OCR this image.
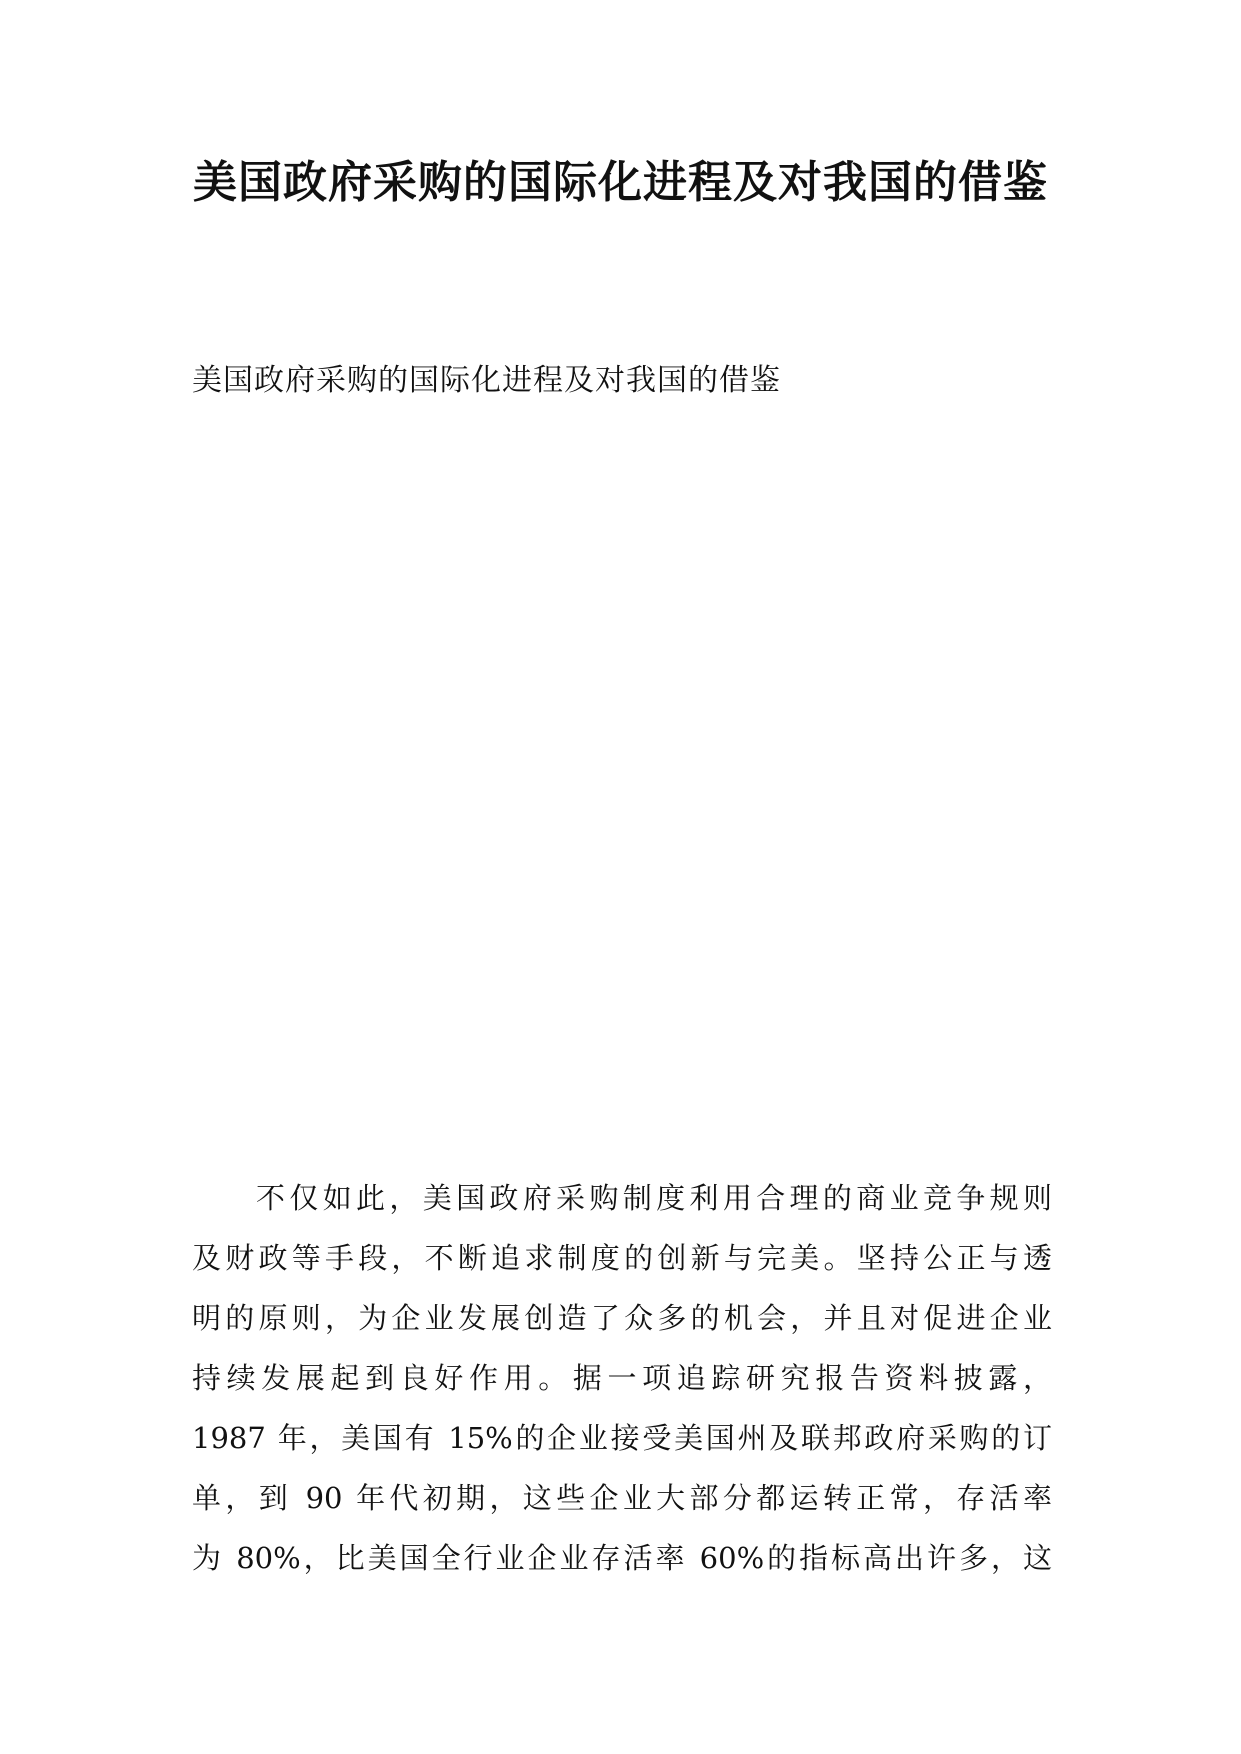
美国政府采购的国际化进程及对我国的借鉴

美国政府采购的国际化进程及对我国的借鉴

不仅如此，美国政府采购制度利用合理的商业竞争规则
及财政等手段，不断追求制度的创新与完美。坚持公正与透
明的原则，为企业发展创造了众多的机会，并且对促进企业
持续发展起到良好作用。据一项追踪研究报告资料披露，
1987 年，美国有 15%的企业接受美国州及联邦政府采购的订
单，到 90 年代初期，这些企业大部分都运转正常，存活率
为 80%，比美国全行业企业存活率 60%的指标高出许多，这
